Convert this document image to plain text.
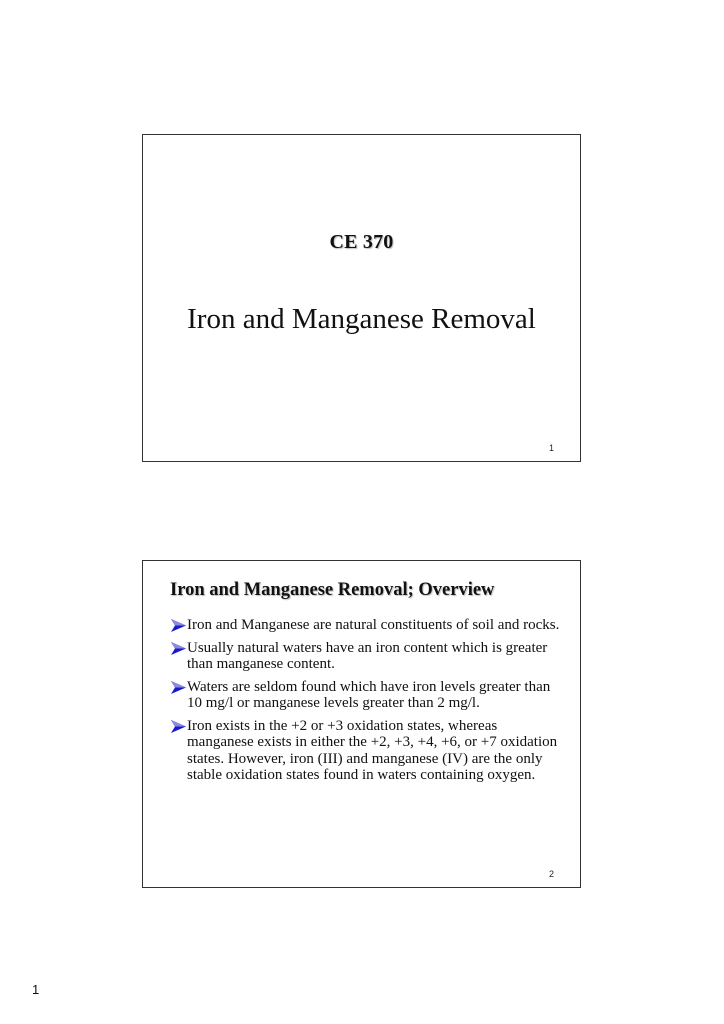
CE 370
Iron and Manganese Removal
1
Iron and Manganese Removal; Overview
Iron and Manganese are natural constituents of soil and rocks.
Usually natural waters have an iron content which is greater than manganese content.
Waters are seldom found which have iron levels greater than 10 mg/l or manganese levels greater than 2 mg/l.
Iron exists in the +2 or +3 oxidation states, whereas manganese exists in either the +2, +3, +4, +6, or +7 oxidation states. However, iron (III) and manganese (IV) are the only stable oxidation states found in waters containing oxygen.
2
1
